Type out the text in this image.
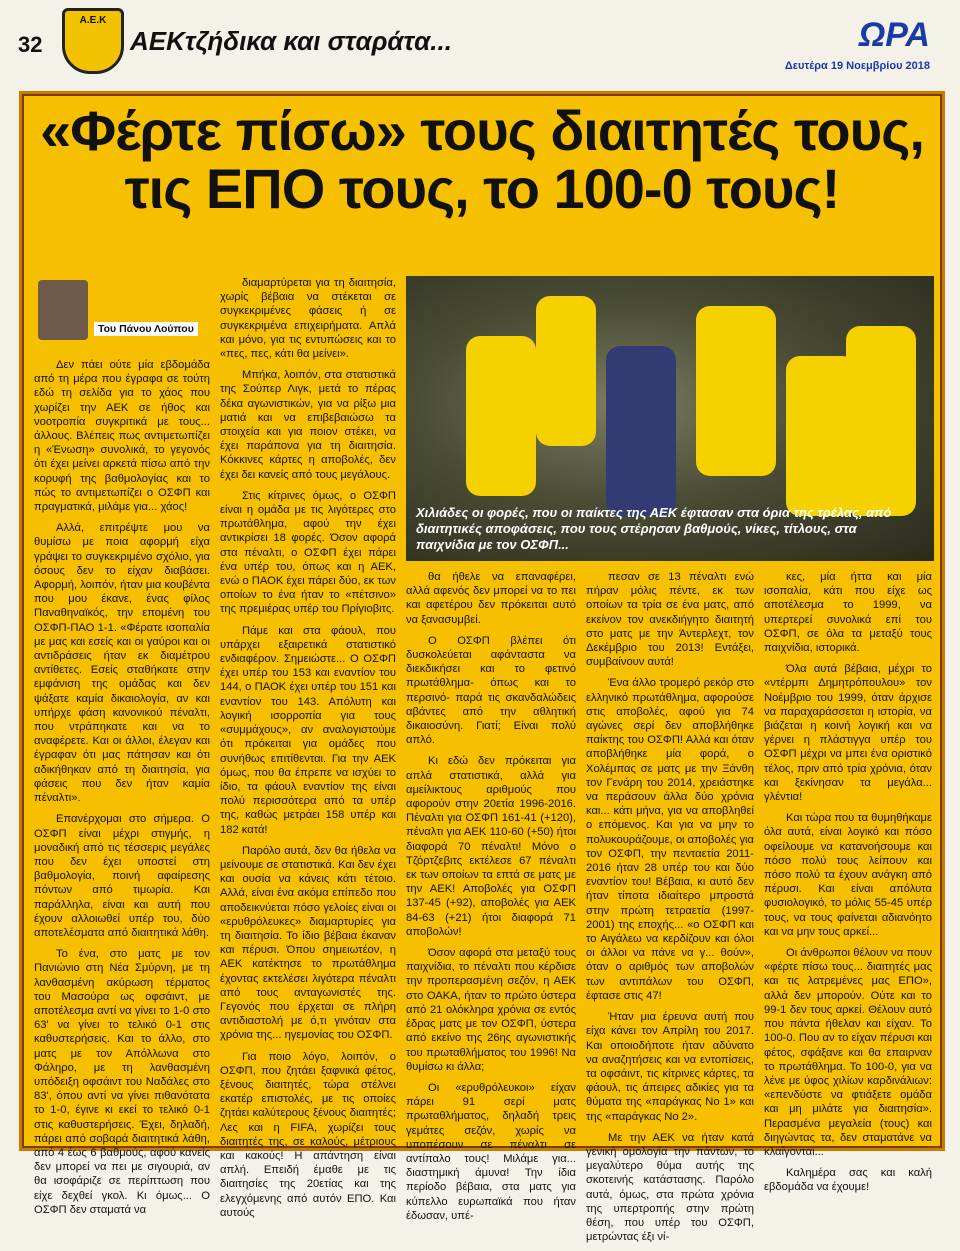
32
Α.Ε.Κ
ΑΕΚτζήδικα και σταράτα...	ΩΡΑ
Δευτέρα 19 Νοεμβρίου 2018
«Φέρτε πίσω» τους διαιτητές τους,
τις ΕΠΟ τους, το 100-0 τους!
Του Πάνου Λούπου

Δεν πάει ούτε μία εβδομάδα από τη μέρα που έγραφα σε τούτη εδώ τη σελίδα για το χάος που χωρίζει την ΑΕΚ σε ήθος και νοοτροπία συγκριτικά με τους... άλλους. Βλέπεις πως αντιμετωπίζει η «Ένωση» συνολικά, το γεγονός ότι έχει μείνει αρκετά πίσω από την κορυφή της βαθμολογίας και το πώς το αντιμετωπίζει ο ΟΣΦΠ και πραγματικά, μιλάμε για... χάος!

Αλλά, επιτρέψτε μου να θυμίσω με ποια αφορμή είχα γράψει το συγκεκριμένο σχόλιο, για όσους δεν το είχαν διαβάσει. Αφορμή, λοιπόν, ήταν μια κουβέντα που μου έκανε, ένας φίλος Παναθηναϊκός, την επομένη του ΟΣΦΠ-ΠΑΟ 1-1. «Φέρατε ισοπαλία με μας και εσείς και οι γαύροι και οι αντιδράσεις ήταν εκ διαμέτρου αντίθετες. Εσείς σταθήκατε στην εμφάνιση της ομάδας και δεν ψάξατε καμία δικαιολογία, αν και υπήρχε φάση κανονικού πέναλτι, που ντράπηκατε και να το αναφέρετε. Και οι άλλοι, έλεγαν και έγραφαν ότι μας πάτησαν και ότι αδικήθηκαν από τη διαιτησία, για φάσεις που δεν ήταν καμία πέναλτι».

Επανέρχομαι στο σήμερα. Ο ΟΣΦΠ είναι μέχρι στιγμής, η μοναδική από τις τέσσερις μεγάλες που δεν έχει υποστεί στη βαθμολογία, ποινή αφαίρεσης πόντων από τιμωρία. Και παράλληλα, είναι και αυτή που έχουν αλλοιωθεί υπέρ του, δύο αποτελέσματα από διαιτητικά λάθη.

Το ένα, στο ματς με τον Πανιώνιο στη Νέα Σμύρνη, με τη λανθασμένη ακύρωση τέρματος του Μασούρα ως οφσάιντ, με αποτέλεσμα αντί να γίνει το 1-0 στο 63' να γίνει το τελικό 0-1 στις καθυστερήσεις. Και το άλλο, στο ματς με τον Απόλλωνα στο Φάληρο, με τη λανθασμένη υπόδειξη οφσάιντ του Ναδάλες στο 83', όπου αντί να γίνει πιθανότατα το 1-0, έγινε κι εκεί το τελικό 0-1 στις καθυστερήσεις. Έχει, δηλαδή, πάρει από σοβαρά διαιτητικά λάθη, από 4 έως 6 βαθμούς, αφού κανείς δεν μπορεί να πει με σιγουριά, αν θα ισοφάριζε σε περίπτωση που είχε δεχθεί γκολ. Κι όμως... Ο ΟΣΦΠ δεν σταματά να

διαμαρτύρεται για τη διαιτησία, χωρίς βέβαια να στέκεται σε συγκεκριμένες φάσεις ή σε συγκεκριμένα επιχειρήματα. Απλά και μόνο, για τις εντυπώσεις και το «πες, πες, κάτι θα μείνει».

Μπήκα, λοιπόν, στα στατιστικά της Σούπερ Λιγκ, μετά το πέρας δέκα αγωνιστικών, για να ρίξω μια ματιά και να επιβεβαιώσω τα στοιχεία και για ποιον στέκει, να έχει παράπονα για τη διαιτησία. Κόκκινες κάρτες η αποβολές, δεν έχει δει κανείς από τους μεγάλους.

Στις κίτρινες όμως, ο ΟΣΦΠ είναι η ομάδα με τις λιγότερες στο πρωτάθλημα, αφού την έχει αντικρίσει 18 φορές. Όσον αφορά στα πέναλτι, ο ΟΣΦΠ έχει πάρει ένα υπέρ του, όπως και η ΑΕΚ, ενώ ο ΠΑΟΚ έχει πάρει δύο, εκ των οποίων το ένα ήταν το «πέτσινο» της πρεμιέρας υπέρ του Πρίγιοβιτς.

Πάμε και στα φάουλ, που υπάρχει εξαιρετικά στατιστικό ενδιαφέρον. Σημειώστε... Ο ΟΣΦΠ έχει υπέρ του 153 και εναντίον του 144, ο ΠΑΟΚ έχει υπέρ του 151 και εναντίον του 143. Απόλυτη και λογική ισορροπία για τους «συμμάχους», αν αναλογιστούμε ότι πρόκειται για ομάδες που συνήθως επιτίθενται. Για την ΑΕΚ όμως, που θα έπρεπε να ισχύει το ίδιο, τα φάουλ εναντίον της είναι πολύ περισσότερα από τα υπέρ της, καθώς μετράει 158 υπέρ και 182 κατά!

Παρόλο αυτά, δεν θα ήθελα να μείνουμε σε στατιστικά. Και δεν έχει και ουσία να κάνεις κάτι τέτοιο. Αλλά, είναι ένα ακόμα επίπεδο που αποδεικνύεται πόσο γελοίες είναι οι «ερυθρόλευκες» διαμαρτυρίες για τη διαιτησία. Το ίδιο βέβαια έκαναν και πέρυσι. Όπου σημειωτέον, η ΑΕΚ κατέκτησε το πρωτάθλημα έχοντας εκτελέσει λιγότερα πέναλτι από τους ανταγωνιστές της. Γεγονός που έρχεται σε πλήρη αντιδιαστολή με ό,τι γινόταν στα χρόνια της... ηγεμονίας του ΟΣΦΠ.

Για ποιο λόγο, λοιπόν, ο ΟΣΦΠ, που ζητάει ξαφνικά φέτος, ξένους διαιτητές, τώρα στέλνει εκατέρ επιστολές, με τις οποίες ζητάει καλύτερους ξένους διαιτητές; Λες και η FIFA, χωρίζει τους διαιτητές της, σε καλούς, μέτριους και κακούς! Η απάντηση είναι απλή. Επειδή έμαθε με τις διαιτησίες της 20ετίας και της ελεγχόμενης από αυτόν ΕΠΟ. Και αυτούς

Χιλιάδες οι φορές, που οι παίκτες της ΑΕΚ έφτασαν στα όρια της τρέλας, από διαιτητικές αποφάσεις, που τους στέρησαν βαθμούς, νίκες, τίτλους, στα παιχνίδια με τον ΟΣΦΠ...

θα ήθελε να επαναφέρει, αλλά αφενός δεν μπορεί να το πει και αφετέρου δεν πρόκειται αυτό να ξανασυμβεί.

Ο ΟΣΦΠ βλέπει ότι δυσκολεύεται αφάνταστα να διεκδικήσει και το φετινό πρωτάθλημα- όπως και το περσινό- παρά τις σκανδαλώδεις αβάντες από την αθλητική δικαιοσύνη. Γιατί; Είναι πολύ απλό.

Κι εδώ δεν πρόκειται για απλά στατιστικά, αλλά για αμείλικτους αριθμούς που αφορούν στην 20ετία 1996-2016. Πέναλτι για ΟΣΦΠ 161-41 (+120), πέναλτι για ΑΕΚ 110-60 (+50) ήτοι διαφορά 70 πέναλτι! Μόνο ο Τζόρτζεβιτς εκτέλεσε 67 πέναλτι εκ των οποίων τα επτά σε ματς με την ΑΕΚ! Αποβολές για ΟΣΦΠ 137-45 (+92), αποβολές για ΑΕΚ 84-63 (+21) ήτοι διαφορά 71 αποβολών!

Όσον αφορά στα μεταξύ τους παιχνίδια, το πέναλτι που κέρδισε την προπερασμένη σεζόν, η ΑΕΚ στο ΟΑΚΑ, ήταν το πρώτο ύστερα από 21 ολόκληρα χρόνια σε εντός έδρας ματς με τον ΟΣΦΠ, ύστερα από εκείνο της 26ης αγωνιστικής του πρωταθλήματος του 1996! Να θυμίσω κι άλλα;

Οι «ερυθρόλευκοι» είχαν πάρει 91 σερί ματς πρωταθλήματος, δηλαδή τρεις γεμάτες σεζόν, χωρίς να υποπέσουν σε πέναλτι σε αντίπαλο τους! Μιλάμε για... διαστημική άμυνα! Την ίδια περίοδο βέβαια, στα ματς για κύπελλο ευρωπαϊκά που ήταν έδωσαν, υπέ-

πεσαν σε 13 πέναλτι ενώ πήραν μόλις πέντε, εκ των οποίων τα τρία σε ένα ματς, από εκείνον τον ανεκδιήγητο διαιτητή στο ματς με την Άντερλεχτ, τον Δεκέμβριο του 2013! Εντάξει, συμβαίνουν αυτά!

Ένα άλλο τρομερό ρεκόρ στο ελληνικό πρωτάθλημα, αφορούσε στις αποβολές, αφού για 74 αγώνες σερί δεν αποβλήθηκε παίκτης του ΟΣΦΠ! Αλλά και όταν αποβλήθηκε μία φορά, ο Χολέμπας σε ματς με την Ξάνθη τον Γενάρη του 2014, χρειάστηκε να περάσουν άλλα δύο χρόνια και... κάτι μήνα, για να αποβληθεί ο επόμενος. Και για να μην το πολυκουράζουμε, οι αποβολές για τον ΟΣΦΠ, την πενταετία 2011-2016 ήταν 28 υπέρ του και δύο εναντίον του! Βέβαια, κι αυτό δεν ήταν τίποτα ιδιαίτερο μπροστά στην πρώτη τετραετία (1997-2001) της εποχής... «ο ΟΣΦΠ και το Αιγάλεω να κερδίζουν και όλοι οι άλλοι να πάνε να γ... θούν», όταν ο αριθμός των αποβολών των αντιπάλων του ΟΣΦΠ, έφτασε στις 47!

Ήταν μια έρευνα αυτή που είχα κάνει τον Απρίλη του 2017. Και οποιοδήποτε ήταν αδύνατο να αναζητήσεις και να εντοπίσεις, τα οφσάιντ, τις κίτρινες κάρτες, τα φάουλ, τις άπειρες αδικίες για τα θύματα της «παράγκας Νο 1» και της «παράγκας Νο 2».

Με την ΑΕΚ να ήταν κατά γενική ομολογία την πάντων, το μεγαλύτερο θύμα αυτής της σκοτεινής κατάστασης. Παρόλο αυτά, όμως, στα πρώτα χρόνια της υπερτροπής στην πρώτη θέση, που υπέρ του ΟΣΦΠ, μετρώντας έξι νί-

κες, μία ήττα και μία ισοπαλία, κάτι που είχε ως αποτέλεσμα το 1999, να υπερτερεί συνολικά επί του ΟΣΦΠ, σε όλα τα μεταξύ τους παιχνίδια, ιστορικά.

Όλα αυτά βέβαια, μέχρι το «ντέρμπι Δημητρόπουλου» τον Νοέμβριο του 1999, όταν άρχισε να παραχαράσσεται η ιστορία, να βιάζεται η κοινή λογική και να γέρνει η πλάστιγγα υπέρ του ΟΣΦΠ μέχρι να μπει ένα οριστικό τέλος, πριν από τρία χρόνια, όταν και ξεκίνησαν τα μεγάλα... γλέντια!

Και τώρα που τα θυμηθήκαμε όλα αυτά, είναι λογικό και πόσο οφείλουμε να κατανοήσουμε και πόσο πολύ τους λείπουν και πόσο πολύ τα έχουν ανάγκη από πέρυσι. Και είναι απόλυτα φυσιολογικό, το μόλις 55-45 υπέρ τους, να τους φαίνεται αδιανόητο και να μην τους αρκεί...

Οι άνθρωποι θέλουν να πουν «φέρτε πίσω τους... διαιτητές μας και τις λατρεμένες μας ΕΠΟ», αλλά δεν μπορούν. Ούτε και το 99-1 δεν τους αρκεί. Θέλουν αυτό που πάντα ήθελαν και είχαν. Το 100-0. Που αν το είχαν πέρυσι και φέτος, σφάξανε και θα επαιρναν το πρωτάθλημα. Το 100-0, για να λένε με ύφος χιλίων καρδινάλιων: «επενδύστε να φτιάξετε ομάδα και μη μιλάτε για διαιτησία». Περασμένα μεγαλεία (τους) και διηγώντας τα, δεν σταματάνε να κλαίγονται...

Καλημέρα σας και καλή εβδομάδα να έχουμε!
